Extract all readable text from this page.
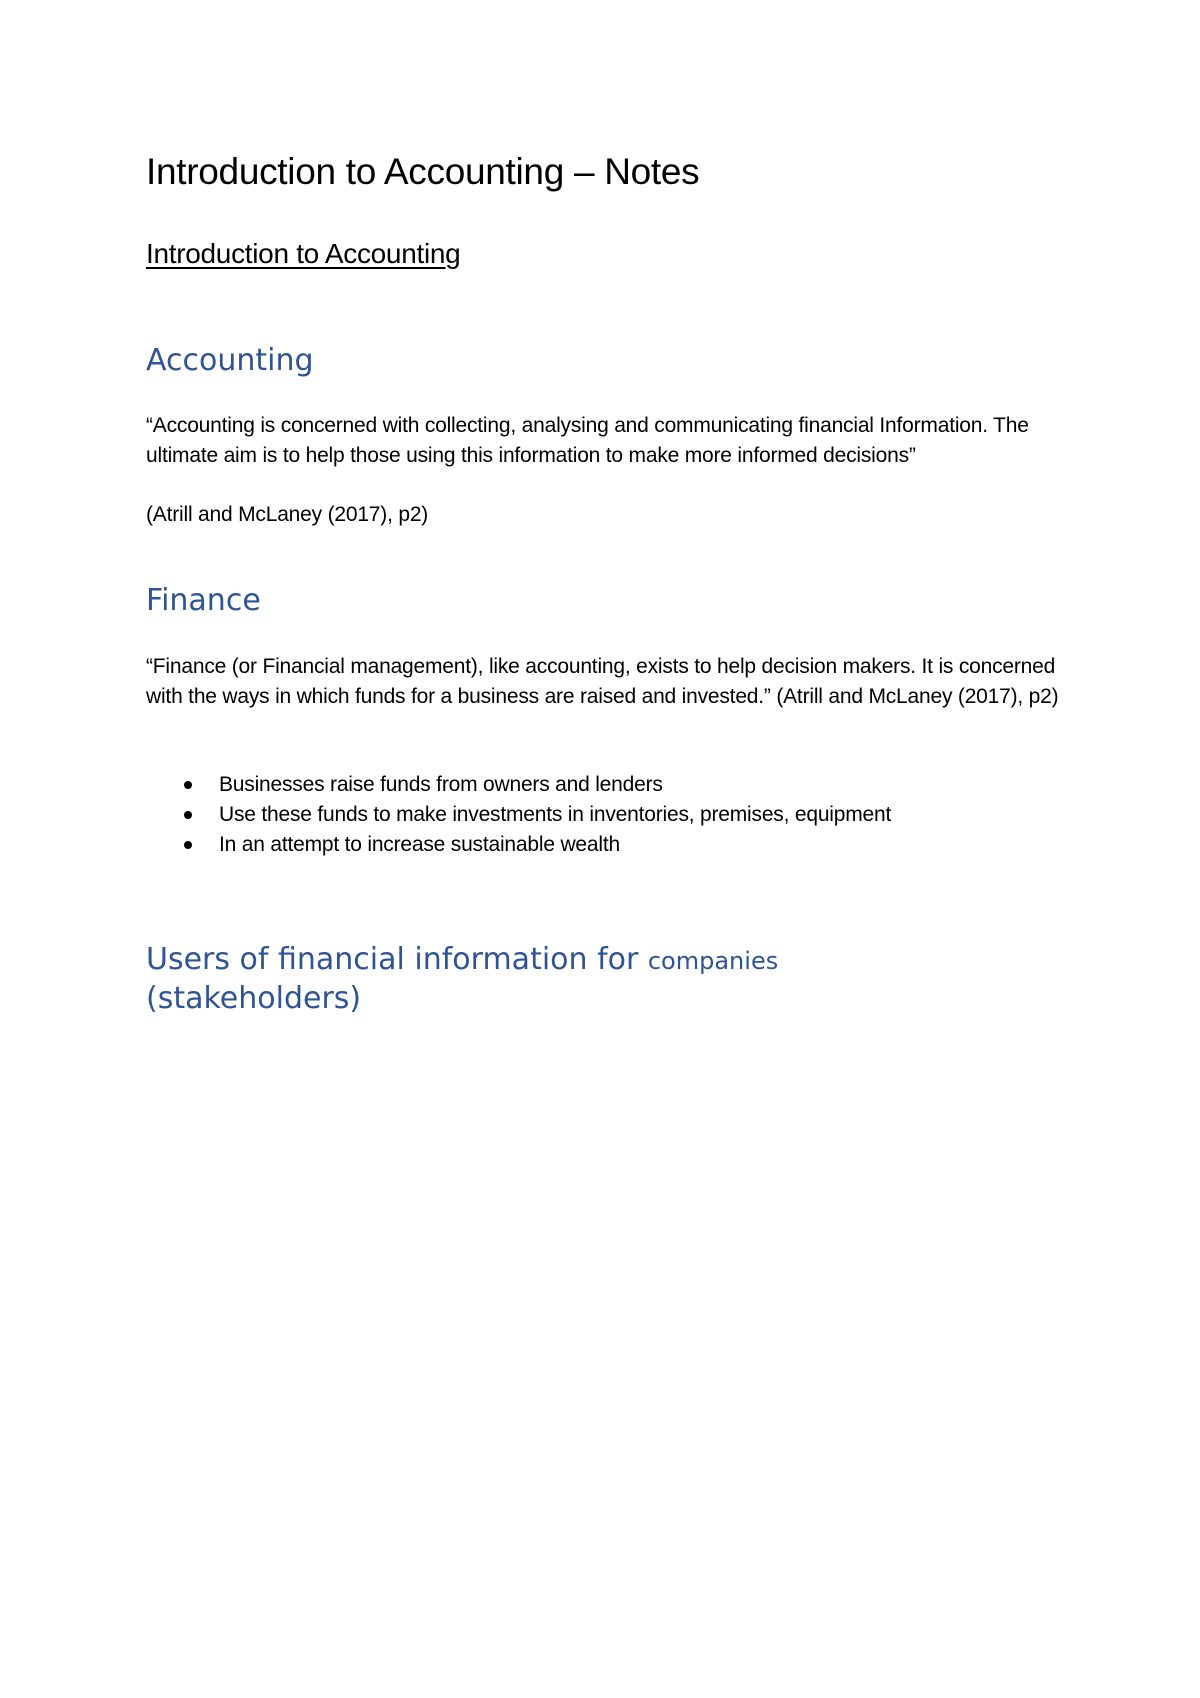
Introduction to Accounting – Notes
Introduction to Accounting
Accounting

“Accounting is concerned with collecting, analysing and communicating financial Information. The ultimate aim is to help those using this information to make more informed decisions”

(Atrill and McLaney (2017), p2)

Finance

“Finance (or Financial management), like accounting, exists to help decision makers. It is concerned with the ways in which funds for a business are raised and invested.” (Atrill and McLaney (2017), p2)

Businesses raise funds from owners and lenders
Use these funds to make investments in inventories, premises, equipment
In an attempt to increase sustainable wealth
Users of financial information for companies
(stakeholders)
